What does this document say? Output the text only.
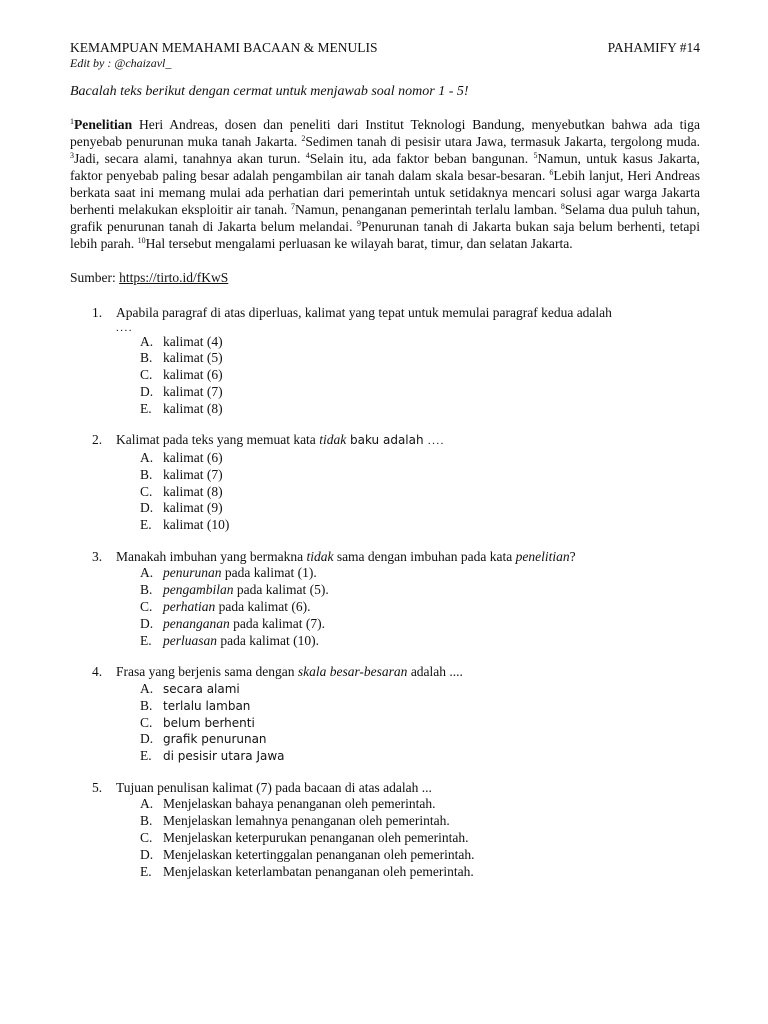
KEMAMPUAN MEMAHAMI BACAAN & MENULIS	PAHAMIFY #14
Edit by : @chaizavl_
Bacalah teks berikut dengan cermat untuk menjawab soal nomor 1 - 5!

$^1$Penelitian Heri Andreas, dosen dan peneliti dari Institut Teknologi Bandung, menyebutkan bahwa ada tiga penyebab penurunan muka tanah Jakarta. $^2$Sedimen tanah di pesisir utara Jawa, termasuk Jakarta, tergolong muda. $^3$Jadi, secara alami, tanahnya akan turun. $^4$Selain itu, ada faktor beban bangunan. $^5$Namun, untuk kasus Jakarta, faktor penyebab paling besar adalah pengambilan air tanah dalam skala besar-besaran. $^6$Lebih lanjut, Heri Andreas berkata saat ini memang mulai ada perhatian dari pemerintah untuk setidaknya mencari solusi agar warga Jakarta berhenti melakukan eksploitir air tanah. $^7$Namun, penanganan pemerintah terlalu lamban. $^8$Selama dua puluh tahun, grafik penurunan tanah di Jakarta belum melandai. $^9$Penurunan tanah di Jakarta bukan saja belum berhenti, tetapi lebih parah. $^{10}$Hal tersebut mengalami perluasan ke wilayah barat, timur, dan selatan Jakarta.

Sumber: https://tirto.id/fKwS
1.	Apabila paragraf di atas diperluas, kalimat yang tepat untuk memulai paragraf kedua adalah
....
A. kalimat (4)
B. kalimat (5)
C. kalimat (6)
D. kalimat (7)
E. kalimat (8)
2.	Kalimat pada teks yang memuat kata tidak baku adalah ....
A. kalimat (6)
B. kalimat (7)
C. kalimat (8)
D. kalimat (9)
E. kalimat (10)
3.	Manakah imbuhan yang bermakna tidak sama dengan imbuhan pada kata penelitian?
A. penurunan pada kalimat (1).
B. pengambilan pada kalimat (5).
C. perhatian pada kalimat (6).
D. penanganan pada kalimat (7).
E. perluasan pada kalimat (10).
4.	Frasa yang berjenis sama dengan skala besar-besaran adalah ....
A. secara alami
B. terlalu lamban
C. belum berhenti
D. grafik penurunan
E. di pesisir utara Jawa
5.	Tujuan penulisan kalimat (7) pada bacaan di atas adalah ...
A. Menjelaskan bahaya penanganan oleh pemerintah.
B. Menjelaskan lemahnya penanganan oleh pemerintah.
C. Menjelaskan keterpurukan penanganan oleh pemerintah.
D. Menjelaskan ketertinggalan penanganan oleh pemerintah.
E. Menjelaskan keterlambatan penanganan oleh pemerintah.
